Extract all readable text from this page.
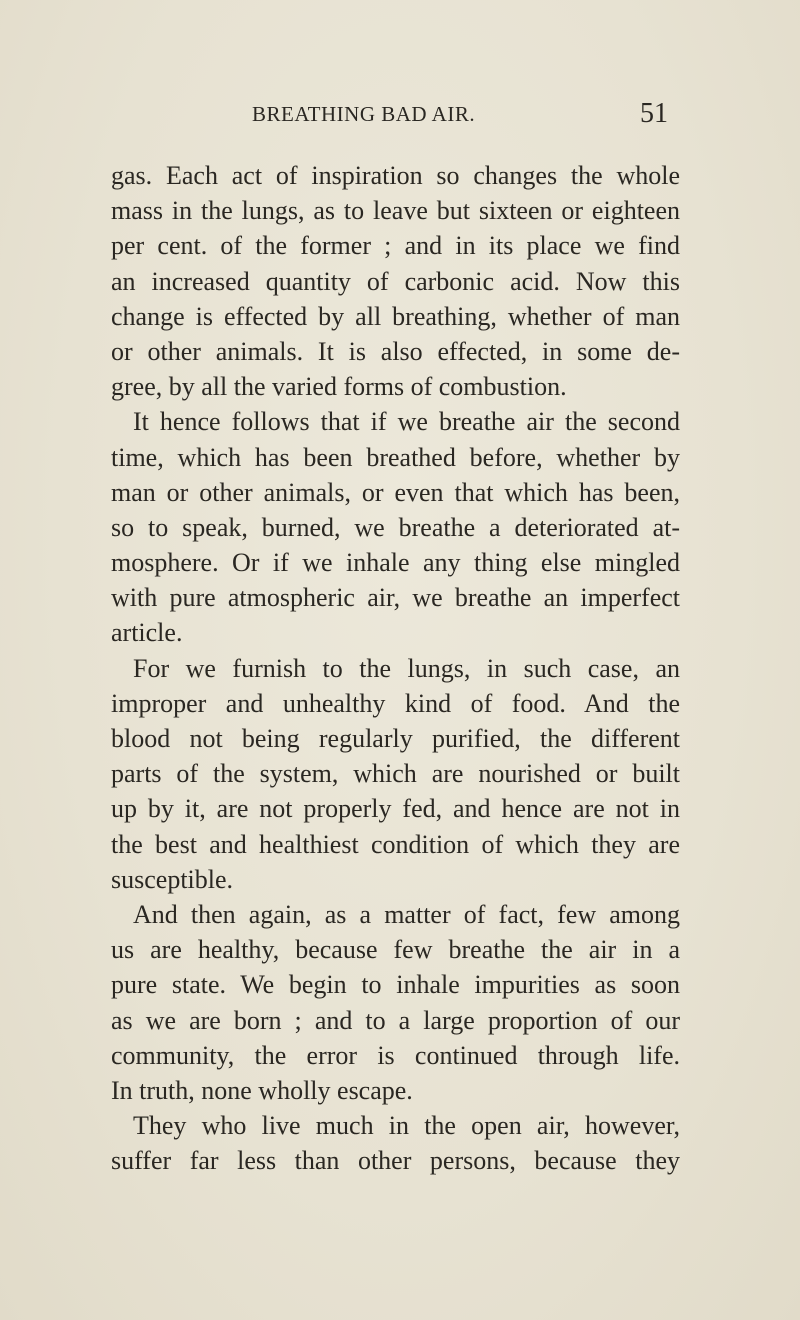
BREATHING BAD AIR.	51
gas. Each act of inspiration so changes the whole
mass in the lungs, as to leave but sixteen or eighteen
per cent. of the former ; and in its place we find
an increased quantity of carbonic acid. Now this
change is effected by all breathing, whether of man
or other animals. It is also effected, in some de-
gree, by all the varied forms of combustion.
It hence follows that if we breathe air the second
time, which has been breathed before, whether by
man or other animals, or even that which has been,
so to speak, burned, we breathe a deteriorated at-
mosphere. Or if we inhale any thing else mingled
with pure atmospheric air, we breathe an imperfect
article.
For we furnish to the lungs, in such case, an
improper and unhealthy kind of food. And the
blood not being regularly purified, the different
parts of the system, which are nourished or built
up by it, are not properly fed, and hence are not in
the best and healthiest condition of which they are
susceptible.
And then again, as a matter of fact, few among
us are healthy, because few breathe the air in a
pure state. We begin to inhale impurities as soon
as we are born ; and to a large proportion of our
community, the error is continued through life.
In truth, none wholly escape.
They who live much in the open air, however,
suffer far less than other persons, because they
